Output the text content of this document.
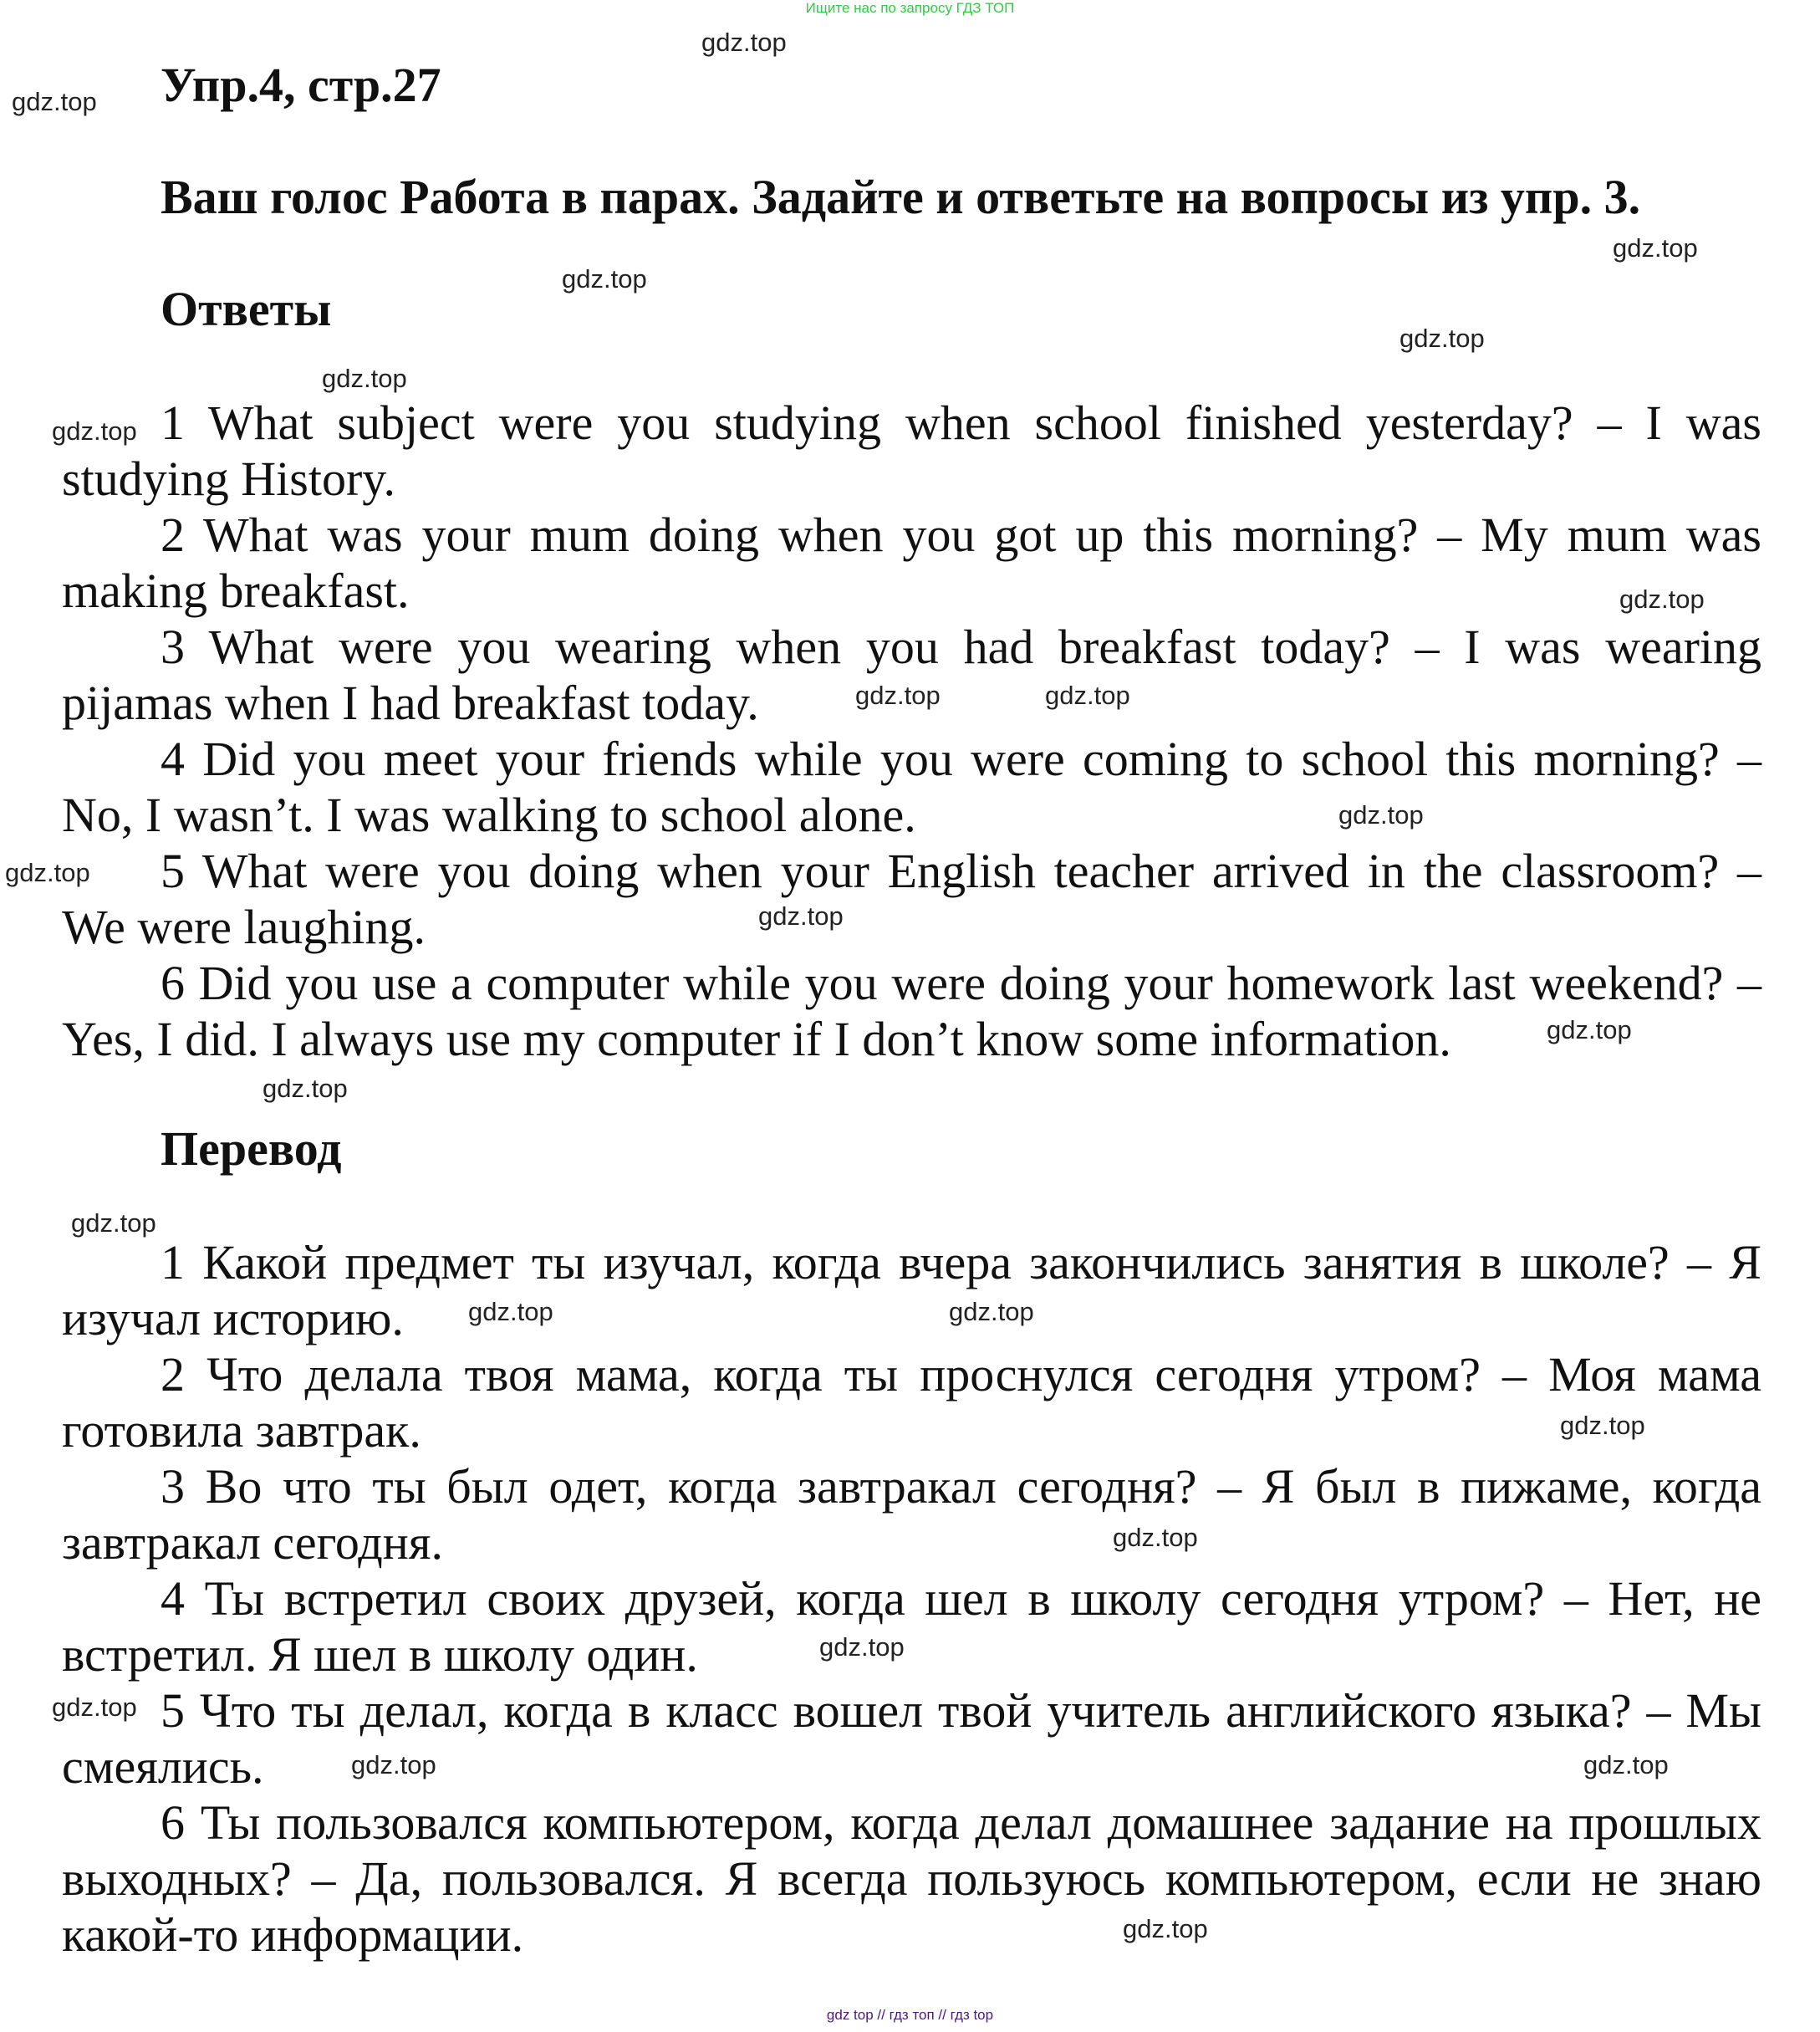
Ищите нас по запросу ГДЗ ТОП
Упр.4, стр.27
Ваш голос Работа в парах. Задайте и ответьте на вопросы из упр. 3.
Ответы
1 What subject were you studying when school finished yesterday? – I was
studying History.
2 What was your mum doing when you got up this morning? – My mum was
making breakfast.
3 What were you wearing when you had breakfast today? – I was wearing
pijamas when I had breakfast today.
4 Did you meet your friends while you were coming to school this morning? –
No, I wasn’t. I was walking to school alone.
5 What were you doing when your English teacher arrived in the classroom? –
We were laughing.
6 Did you use a computer while you were doing your homework last weekend? –
Yes, I did. I always use my computer if I don’t know some information.
Перевод
1 Какой предмет ты изучал, когда вчера закончились занятия в школе? – Я
изучал историю.
2 Что делала твоя мама, когда ты проснулся сегодня утром? – Моя мама
готовила завтрак.
3 Во что ты был одет, когда завтракал сегодня? – Я был в пижаме, когда
завтракал сегодня.
4 Ты встретил своих друзей, когда шел в школу сегодня утром? – Нет, не
встретил. Я шел в школу один.
5 Что ты делал, когда в класс вошел твой учитель английского языка? – Мы
смеялись.
6 Ты пользовался компьютером, когда делал домашнее задание на прошлых
выходных? – Да, пользовался. Я всегда пользуюсь компьютером, если не знаю
какой-то информации.
gdz.top
gdz.top
gdz.top
gdz.top
gdz.top
gdz.top
gdz.top
gdz.top
gdz.top
gdz.top
gdz.top
gdz.top
gdz.top
gdz.top
gdz.top
gdz.top
gdz.top	gdz.top
gdz.top
gdz.top
gdz.top
gdz.top
gdz.top	gdz.top
gdz.top
gdz top // гдз топ // гдз top
